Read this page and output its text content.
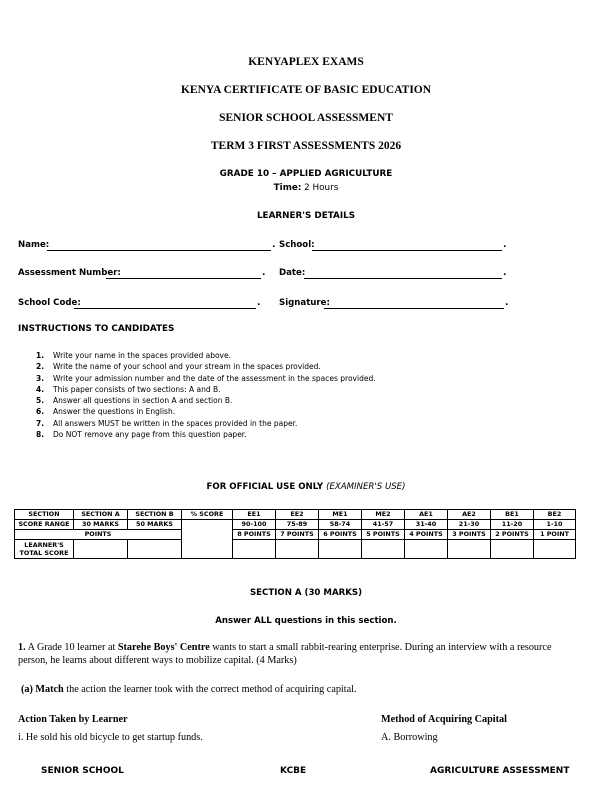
KENYAPLEX EXAMS
KENYA CERTIFICATE OF BASIC EDUCATION
SENIOR SCHOOL ASSESSMENT
TERM 3 FIRST ASSESSMENTS 2026
GRADE 10 – APPLIED AGRICULTURE
Time: 2 Hours
LEARNER'S DETAILS
Name:	. School:	.
Assessment Number:	. Date:	.
School Code:	. Signature:	.
INSTRUCTIONS TO CANDIDATES
1. Write your name in the spaces provided above.
2. Write the name of your school and your stream in the spaces provided.
3. Write your admission number and the date of the assessment in the spaces provided.
4. This paper consists of two sections: A and B.
5. Answer all questions in section A and section B.
6. Answer the questions in English.
7. All answers MUST be written in the spaces provided in the paper.
8. Do NOT remove any page from this question paper.
FOR OFFICIAL USE ONLY (EXAMINER'S USE)
SECTION	SECTION A	SECTION B	% SCORE	EE1	EE2	ME1	ME2	AE1	AE2	BE1	BE2
SCORE RANGE	30 MARKS	50 MARKS		90-100	75-89	58-74	41-57	31-40	21-30	11-20	1-10
POINTS				8 POINTS	7 POINTS	6 POINTS	5 POINTS	4 POINTS	3 POINTS	2 POINTS	1 POINT
LEARNER'S TOTAL SCORE											
SECTION A (30 MARKS)
Answer ALL questions in this section.
1. A Grade 10 learner at Starehe Boys' Centre wants to start a small rabbit-rearing enterprise. During an interview with a resource person, he learns about different ways to mobilize capital. (4 Marks)
(a) Match the action the learner took with the correct method of acquiring capital.
Action Taken by Learner	Method of Acquiring Capital
i. He sold his old bicycle to get startup funds.	A. Borrowing
SENIOR SCHOOL	KCBE	AGRICULTURE ASSESSMENT
